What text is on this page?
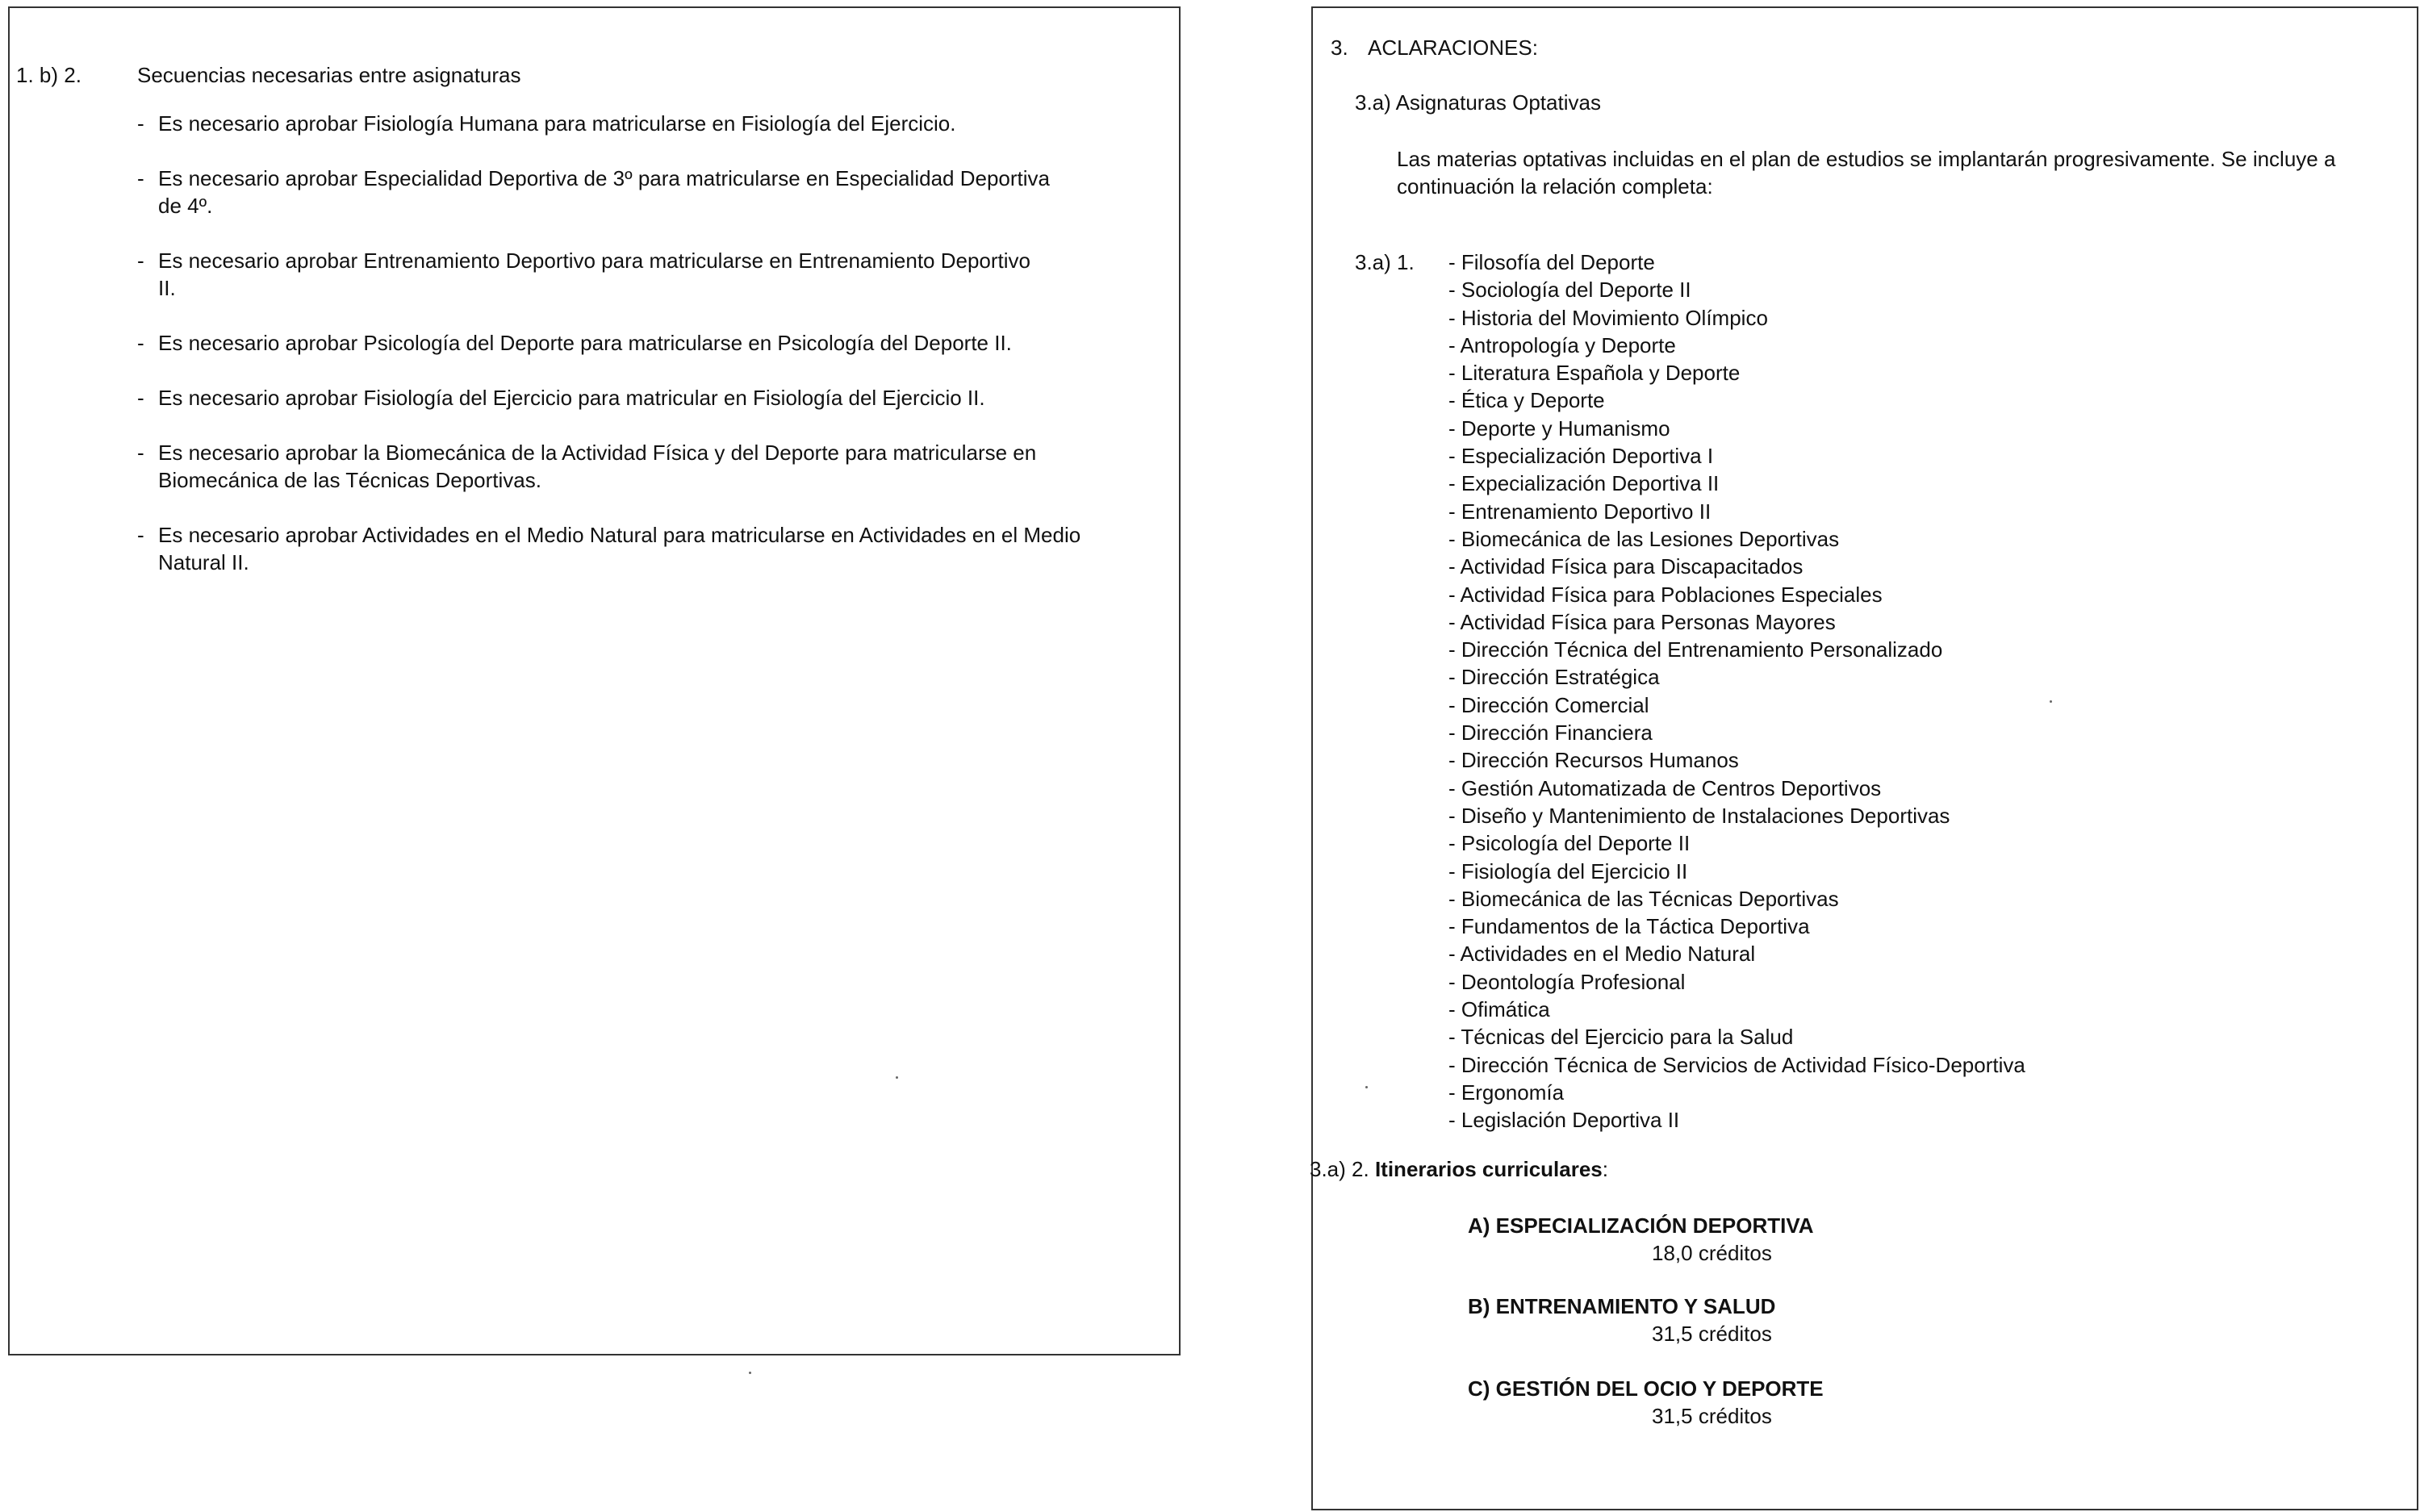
1. b) 2.	Secuencias necesarias entre asignaturas
- Es necesario aprobar Fisiología Humana para matricularse en Fisiología del Ejercicio.
- Es necesario aprobar Especialidad Deportiva de 3º para matricularse en Especialidad Deportiva de 4º.
- Es necesario aprobar Entrenamiento Deportivo para matricularse en Entrenamiento Deportivo II.
- Es necesario aprobar Psicología del Deporte para matricularse en Psicología del Deporte II.
- Es necesario aprobar Fisiología del Ejercicio para matricular en Fisiología del Ejercicio II.
- Es necesario aprobar la Biomecánica de la Actividad Física y del Deporte para matricularse en Biomecánica de las Técnicas Deportivas.
- Es necesario aprobar Actividades en el Medio Natural para matricularse en Actividades en el Medio Natural II.
3. ACLARACIONES:
3.a) Asignaturas Optativas
Las materias optativas incluidas en el plan de estudios se implantarán progresivamente. Se incluye a continuación la relación completa:
3.a) 1. - Filosofía del Deporte
- Sociología del Deporte II
- Historia del Movimiento Olímpico
- Antropología y Deporte
- Literatura Española y Deporte
- Ética y Deporte
- Deporte y Humanismo
- Especialización Deportiva I
- Expecialización Deportiva II
- Entrenamiento Deportivo II
- Biomecánica de las Lesiones Deportivas
- Actividad Física para Discapacitados
- Actividad Física para Poblaciones Especiales
- Actividad Física para Personas Mayores
- Dirección Técnica del Entrenamiento Personalizado
- Dirección Estratégica
- Dirección Comercial
- Dirección Financiera
- Dirección Recursos Humanos
- Gestión Automatizada de Centros Deportivos
- Diseño y Mantenimiento de Instalaciones Deportivas
- Psicología del Deporte II
- Fisiología del Ejercicio II
- Biomecánica de las Técnicas Deportivas
- Fundamentos de la Táctica Deportiva
- Actividades en el Medio Natural
- Deontología Profesional
- Ofimática
- Técnicas del Ejercicio para la Salud
- Dirección Técnica de Servicios de Actividad Físico-Deportiva
- Ergonomía
- Legislación Deportiva II
3.a) 2. Itinerarios curriculares:
A) ESPECIALIZACIÓN DEPORTIVA
18,0 créditos
B) ENTRENAMIENTO Y SALUD
31,5 créditos
C) GESTIÓN DEL OCIO Y DEPORTE
31,5 créditos
